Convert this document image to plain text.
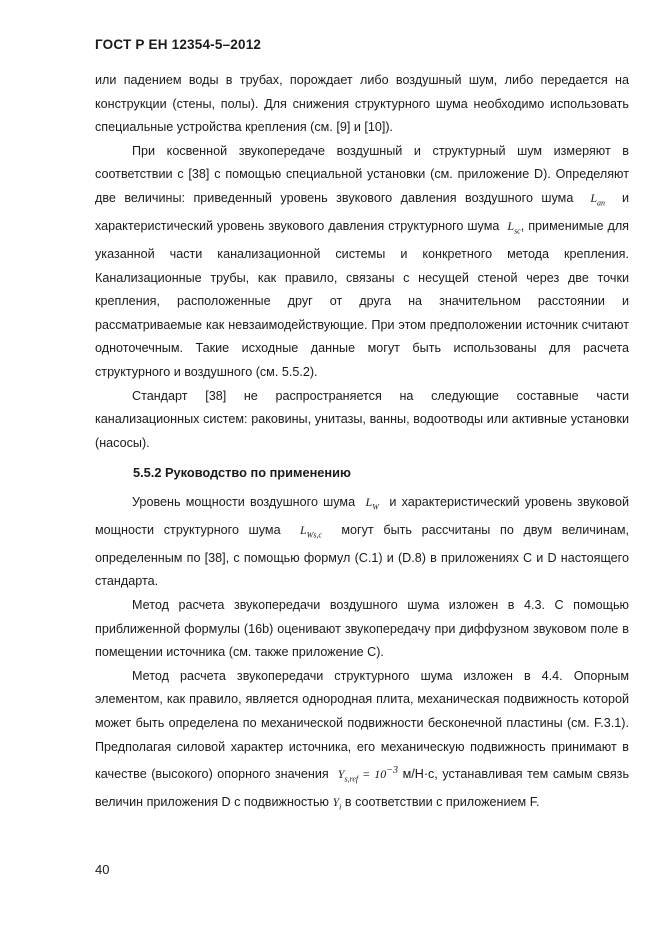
ГОСТ Р ЕН 12354-5–2012

или падением воды в трубах, порождает либо воздушный шум, либо передается на конструкции (стены, полы). Для снижения структурного шума необходимо использовать специальные устройства крепления (см. [9] и [10]).

При косвенной звукопередаче воздушный и структурный шум измеряют в соответствии с [38] с помощью специальной установки (см. приложение D). Определяют две величины: приведенный уровень звукового давления воздушного шума $L_{an}$ и характеристический уровень звукового давления структурного шума $L_{sc}$, применимые для указанной части канализационной системы и конкретного метода крепления. Канализационные трубы, как правило, связаны с несущей стеной через две точки крепления, расположенные друг от друга на значительном расстоянии и рассматриваемые как невзаимодействующие. При этом предположении источник считают одноточечным. Такие исходные данные могут быть использованы для расчета структурного и воздушного (см. 5.5.2).

Стандарт [38] не распространяется на следующие составные части канализационных систем: раковины, унитазы, ванны, водоотводы или активные установки (насосы).

5.5.2 Руководство по применению

Уровень мощности воздушного шума $L_W$ и характеристический уровень звуковой мощности структурного шума $L_{Ws,c}$ могут быть рассчитаны по двум величинам, определенным по [38], с помощью формул (С.1) и (D.8) в приложениях С и D настоящего стандарта.

Метод расчета звукопередачи воздушного шума изложен в 4.3. С помощью приближенной формулы (16b) оценивают звукопередачу при диффузном звуковом поле в помещении источника (см. также приложение С).

Метод расчета звукопередачи структурного шума изложен в 4.4. Опорным элементом, как правило, является однородная плита, механическая подвижность которой может быть определена по механической подвижности бесконечной пластины (см. F.3.1). Предполагая силовой характер источника, его механическую подвижность принимают в качестве (высокого) опорного значения $Y_{s,ref} = 10^{-3}$ м/Н·с, устанавливая тем самым связь величин приложения D с подвижностью $Y_i$ в соответствии с приложением F.

40
